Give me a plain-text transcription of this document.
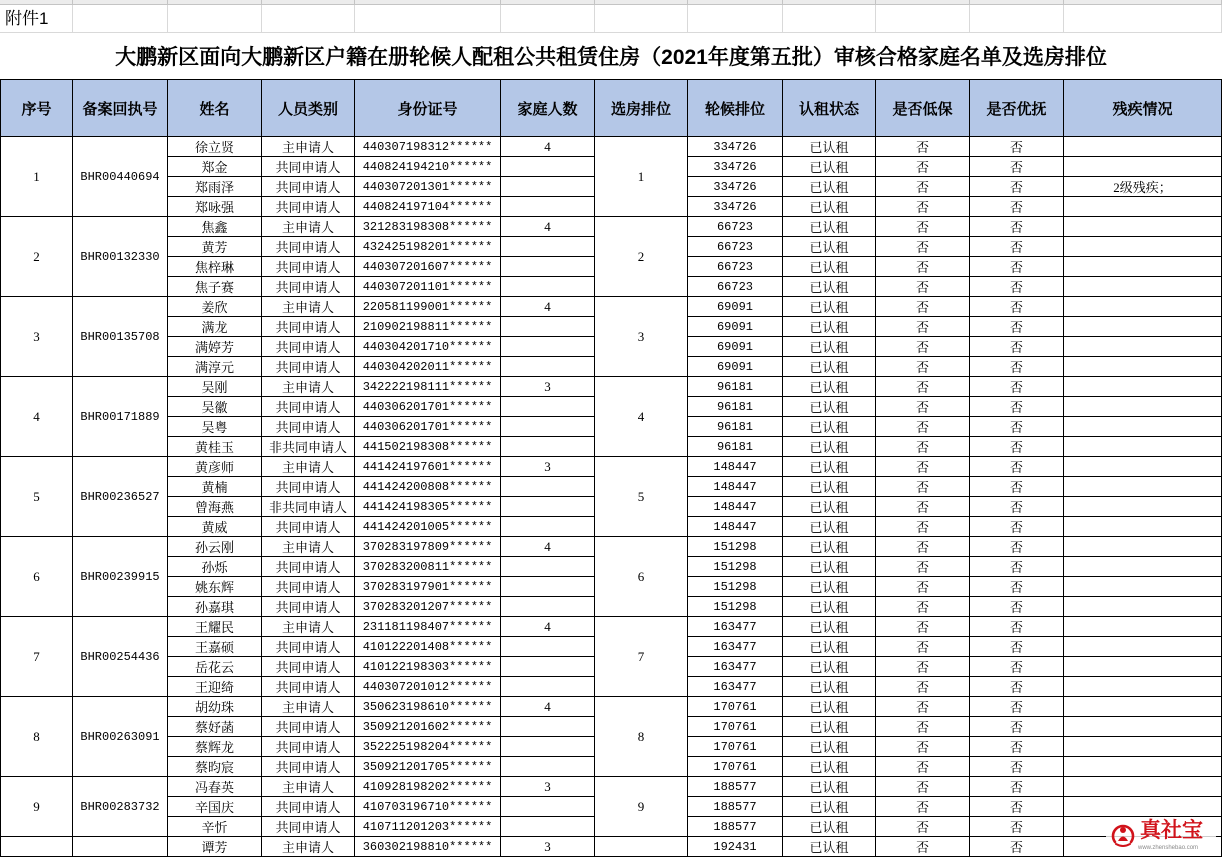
附件1
大鹏新区面向大鹏新区户籍在册轮候人配租公共租赁住房（2021年度第五批）审核合格家庭名单及选房排位
序号	备案回执号	姓名	人员类别	身份证号	家庭人数	选房排位	轮候排位	认租状态	是否低保	是否优抚	残疾情况
1	BHR00440694	1
徐立贤	主申请人	440307198312******	4	334726	已认租	否	否
郑金	共同申请人	440824194210******	334726	已认租	否	否
郑雨泽	共同申请人	440307201301******	334726	已认租	否	否	2级残疾；
郑咏强	共同申请人	440824197104******	334726	已认租	否	否
2	BHR00132330	2
焦鑫	主申请人	321283198308******	4	66723	已认租	否	否
黄芳	共同申请人	432425198201******	66723	已认租	否	否
焦梓琳	共同申请人	440307201607******	66723	已认租	否	否
焦子赛	共同申请人	440307201101******	66723	已认租	否	否
3	BHR00135708	3
姜欣	主申请人	220581199001******	4	69091	已认租	否	否
满龙	共同申请人	210902198811******	69091	已认租	否	否
满婷芳	共同申请人	440304201710******	69091	已认租	否	否
满淳元	共同申请人	440304202011******	69091	已认租	否	否
4	BHR00171889	4
吴刚	主申请人	342222198111******	3	96181	已认租	否	否
吴徽	共同申请人	440306201701******	96181	已认租	否	否
吴粤	共同申请人	440306201701******	96181	已认租	否	否
黄桂玉	非共同申请人	441502198308******	96181	已认租	否	否
5	BHR00236527	5
黄彦师	主申请人	441424197601******	3	148447	已认租	否	否
黄楠	共同申请人	441424200808******	148447	已认租	否	否
曾海燕	非共同申请人	441424198305******	148447	已认租	否	否
黄威	共同申请人	441424201005******	148447	已认租	否	否
6	BHR00239915	6
孙云刚	主申请人	370283197809******	4	151298	已认租	否	否
孙烁	共同申请人	370283200811******	151298	已认租	否	否
姚东辉	共同申请人	370283197901******	151298	已认租	否	否
孙嘉琪	共同申请人	370283201207******	151298	已认租	否	否
7	BHR00254436	7
王耀民	主申请人	231181198407******	4	163477	已认租	否	否
王嘉硕	共同申请人	410122201408******	163477	已认租	否	否
岳花云	共同申请人	410122198303******	163477	已认租	否	否
王迎绮	共同申请人	440307201012******	163477	已认租	否	否
8	BHR00263091	8
胡幼珠	主申请人	350623198610******	4	170761	已认租	否	否
蔡妤菡	共同申请人	350921201602******	170761	已认租	否	否
蔡辉龙	共同申请人	352225198204******	170761	已认租	否	否
蔡昀宸	共同申请人	350921201705******	170761	已认租	否	否
9	BHR00283732	9
冯春英	主申请人	410928198202******	3	188577	已认租	否	否
辛国庆	共同申请人	410703196710******	188577	已认租	否	否
辛忻	共同申请人	410711201203******	188577	已认租	否	否
谭芳	主申请人	360302198810******	3	192431	已认租	否	否
真社宝
www.zhenshebao.com
